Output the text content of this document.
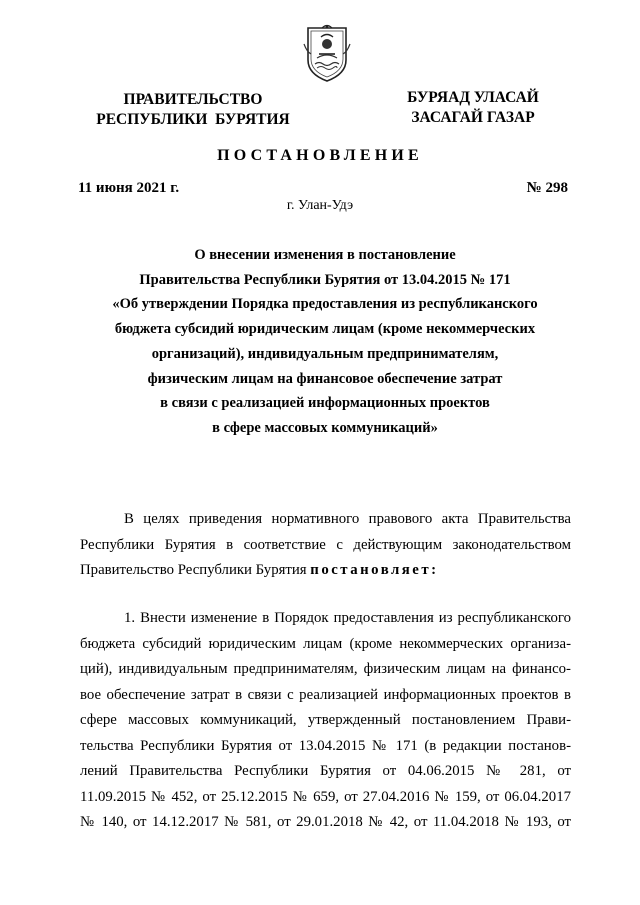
ПРАВИТЕЛЬСТВО
РЕСПУБЛИКИ  БУРЯТИЯ
БУРЯАД УЛАСАЙ
ЗАСАГАЙ ГАЗАР
ПОСТАНОВЛЕНИЕ
11 июня 2021 г.	№ 298
г. Улан-Удэ
О внесении изменения в постановление
Правительства Республики Бурятия от 13.04.2015 № 171
«Об утверждении Порядка предоставления из республиканского
бюджета субсидий юридическим лицам (кроме некоммерческих
организаций), индивидуальным предпринимателям,
физическим лицам на финансовое обеспечение затрат
в связи с реализацией информационных проектов
в сфере массовых коммуникаций»
В целях приведения нормативного правового акта Правительства
Республики Бурятия в соответствие с действующим законодательством
Правительство Республики Бурятия постановляет:
1. Внести изменение в Порядок предоставления из республиканского
бюджета субсидий юридическим лицам (кроме некоммерческих организа-
ций), индивидуальным предпринимателям, физическим лицам на финансо-
вое обеспечение затрат в связи с реализацией информационных проектов в
сфере массовых коммуникаций, утвержденный постановлением Прави-
тельства Республики Бурятия от 13.04.2015 № 171 (в редакции постанов-
лений Правительства Республики Бурятия от 04.06.2015 № 281, от
11.09.2015 № 452, от 25.12.2015 № 659, от 27.04.2016 № 159, от 06.04.2017
№ 140, от 14.12.2017 № 581, от 29.01.2018 № 42, от 11.04.2018 № 193, от
